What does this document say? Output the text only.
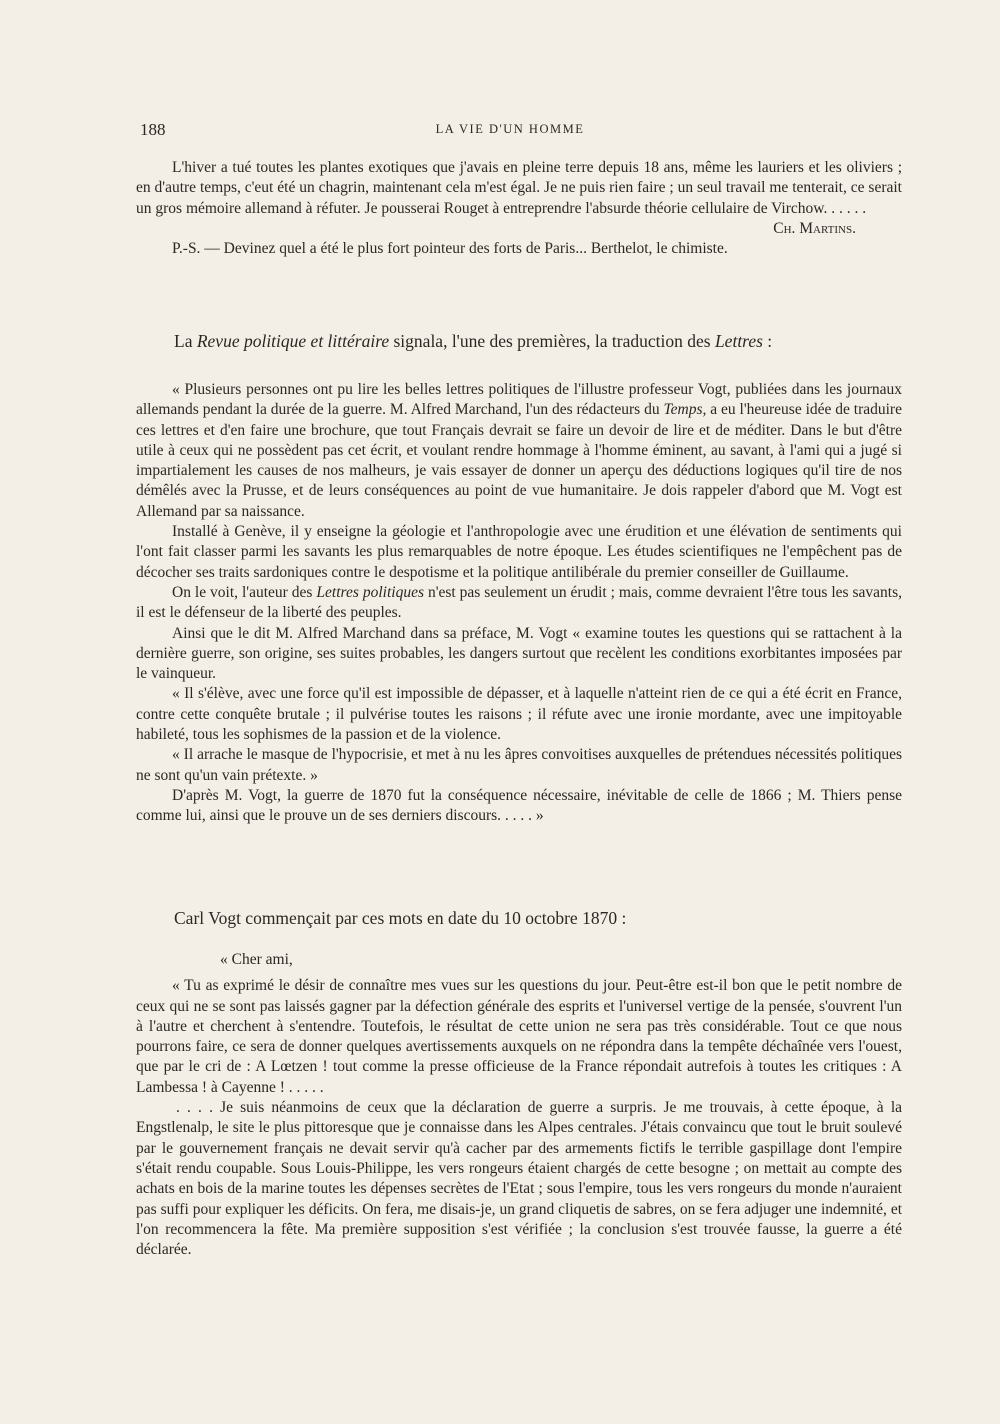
188	LA VIE D'UN HOMME

L'hiver a tué toutes les plantes exotiques que j'avais en pleine terre depuis 18 ans, même les lauriers et les oliviers ; en d'autre temps, c'eut été un chagrin, maintenant cela m'est égal. Je ne puis rien faire ; un seul travail me tenterait, ce serait un gros mémoire allemand à réfuter. Je pousserai Rouget à entreprendre l'absurde théorie cellulaire de Virchow. . . . . .

Ch. Martins.

P.-S. — Devinez quel a été le plus fort pointeur des forts de Paris... Berthelot, le chimiste.

La Revue politique et littéraire signala, l'une des premières, la traduction des Lettres :

« Plusieurs personnes ont pu lire les belles lettres politiques de l'illustre professeur Vogt, publiées dans les journaux allemands pendant la durée de la guerre. M. Alfred Marchand, l'un des rédacteurs du Temps, a eu l'heureuse idée de traduire ces lettres et d'en faire une brochure, que tout Français devrait se faire un devoir de lire et de méditer. Dans le but d'être utile à ceux qui ne possèdent pas cet écrit, et voulant rendre hommage à l'homme éminent, au savant, à l'ami qui a jugé si impartialement les causes de nos malheurs, je vais essayer de donner un aperçu des déductions logiques qu'il tire de nos démêlés avec la Prusse, et de leurs conséquences au point de vue humanitaire. Je dois rappeler d'abord que M. Vogt est Allemand par sa naissance.

Installé à Genève, il y enseigne la géologie et l'anthropologie avec une érudition et une élévation de sentiments qui l'ont fait classer parmi les savants les plus remarquables de notre époque. Les études scientifiques ne l'empêchent pas de décocher ses traits sardoniques contre le despotisme et la politique antilibérale du premier conseiller de Guillaume.

On le voit, l'auteur des Lettres politiques n'est pas seulement un érudit ; mais, comme devraient l'être tous les savants, il est le défenseur de la liberté des peuples.

Ainsi que le dit M. Alfred Marchand dans sa préface, M. Vogt « examine toutes les questions qui se rattachent à la dernière guerre, son origine, ses suites probables, les dangers surtout que recèlent les conditions exorbitantes imposées par le vainqueur.

« Il s'élève, avec une force qu'il est impossible de dépasser, et à laquelle n'atteint rien de ce qui a été écrit en France, contre cette conquête brutale ; il pulvérise toutes les raisons ; il réfute avec une ironie mordante, avec une impitoyable habileté, tous les sophismes de la passion et de la violence.

« Il arrache le masque de l'hypocrisie, et met à nu les âpres convoitises auxquelles de prétendues nécessités politiques ne sont qu'un vain prétexte. »

D'après M. Vogt, la guerre de 1870 fut la conséquence nécessaire, inévitable de celle de 1866 ; M. Thiers pense comme lui, ainsi que le prouve un de ses derniers discours. . . . . »

Carl Vogt commençait par ces mots en date du 10 octobre 1870 :

« Cher ami,

« Tu as exprimé le désir de connaître mes vues sur les questions du jour. Peut-être est-il bon que le petit nombre de ceux qui ne se sont pas laissés gagner par la défection générale des esprits et l'universel vertige de la pensée, s'ouvrent l'un à l'autre et cherchent à s'entendre. Toutefois, le résultat de cette union ne sera pas très considérable. Tout ce que nous pourrons faire, ce sera de donner quelques avertissements auxquels on ne répondra dans la tempête déchaînée vers l'ouest, que par le cri de : A Lœtzen ! tout comme la presse officieuse de la France répondait autrefois à toutes les critiques : A Lambessa ! à Cayenne ! . . . . .

. . . . Je suis néanmoins de ceux que la déclaration de guerre a surpris. Je me trouvais, à cette époque, à la Engstlenalp, le site le plus pittoresque que je connaisse dans les Alpes centrales. J'étais convaincu que tout le bruit soulevé par le gouvernement français ne devait servir qu'à cacher par des armements fictifs le terrible gaspillage dont l'empire s'était rendu coupable. Sous Louis-Philippe, les vers rongeurs étaient chargés de cette besogne ; on mettait au compte des achats en bois de la marine toutes les dépenses secrètes de l'Etat ; sous l'empire, tous les vers rongeurs du monde n'auraient pas suffi pour expliquer les déficits. On fera, me disais-je, un grand cliquetis de sabres, on se fera adjuger une indemnité, et l'on recommencera la fête. Ma première supposition s'est vérifiée ; la conclusion s'est trouvée fausse, la guerre a été déclarée.
